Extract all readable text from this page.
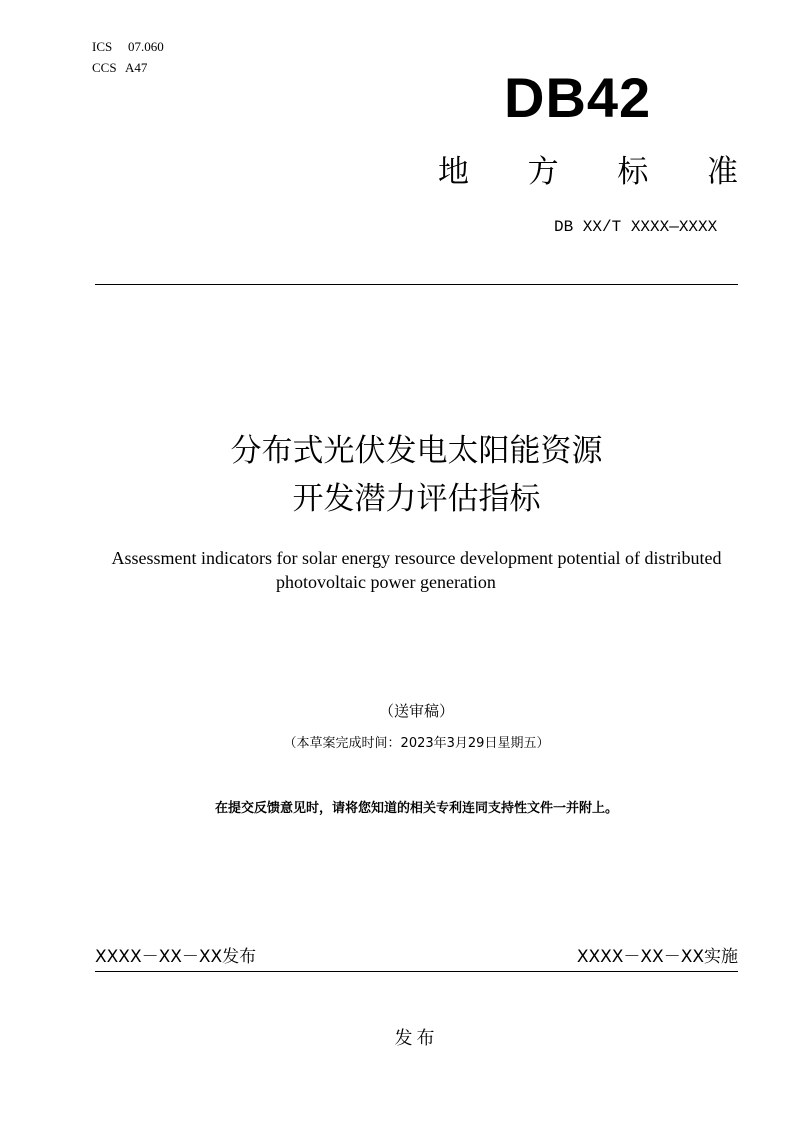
ICS 07.060
CCS A47	DB42
地 方 标 准
DB XX/T XXXX—XXXX
分布式光伏发电太阳能资源
开发潜力评估指标
Assessment indicators for solar energy resource development potential of distributed
photovoltaic power generation
（送审稿）
（本草案完成时间：2023年3月29日星期五）
在提交反馈意见时，请将您知道的相关专利连同支持性文件一并附上。
XXXX－XX－XX发布	XXXX－XX－XX实施
发布
